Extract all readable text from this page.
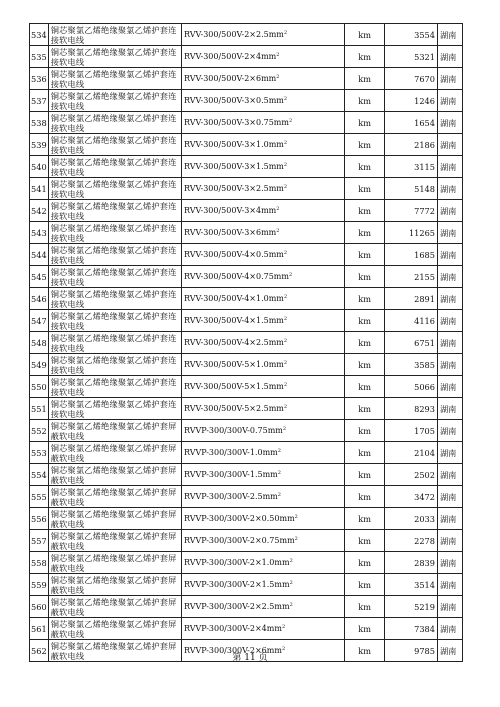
534	铜芯聚氯乙烯绝缘聚氯乙烯护套连接软电线	RVV-$300/500V-2\times 2.5mm^2$	km	3554	湖南
535	铜芯聚氯乙烯绝缘聚氯乙烯护套连接软电线	RVV-$300/500V-2\times 4mm^2$	km	5321	湖南
536	铜芯聚氯乙烯绝缘聚氯乙烯护套连接软电线	RVV-$300/500V-2\times 6mm^2$	km	7670	湖南
537	铜芯聚氯乙烯绝缘聚氯乙烯护套连接软电线	RVV-$300/500V-3\times 0.5mm^2$	km	1246	湖南
538	铜芯聚氯乙烯绝缘聚氯乙烯护套连接软电线	RVV-$300/500V-3\times 0.75mm^2$	km	1654	湖南
539	铜芯聚氯乙烯绝缘聚氯乙烯护套连接软电线	RVV-$300/500V-3\times 1.0mm^2$	km	2186	湖南
540	铜芯聚氯乙烯绝缘聚氯乙烯护套连接软电线	RVV-$300/500V-3\times 1.5mm^2$	km	3115	湖南
541	铜芯聚氯乙烯绝缘聚氯乙烯护套连接软电线	RVV-$300/500V-3\times 2.5mm^2$	km	5148	湖南
542	铜芯聚氯乙烯绝缘聚氯乙烯护套连接软电线	RVV-$300/500V-3\times 4mm^2$	km	7772	湖南
543	铜芯聚氯乙烯绝缘聚氯乙烯护套连接软电线	RVV-$300/500V-3\times 6mm^2$	km	11265	湖南
544	铜芯聚氯乙烯绝缘聚氯乙烯护套连接软电线	RVV-$300/500V-4\times 0.5mm^2$	km	1685	湖南
545	铜芯聚氯乙烯绝缘聚氯乙烯护套连接软电线	RVV-$300/500V-4\times 0.75mm^2$	km	2155	湖南
546	铜芯聚氯乙烯绝缘聚氯乙烯护套连接软电线	RVV-$300/500V-4\times 1.0mm^2$	km	2891	湖南
547	铜芯聚氯乙烯绝缘聚氯乙烯护套连接软电线	RVV-$300/500V-4\times 1.5mm^2$	km	4116	湖南
548	铜芯聚氯乙烯绝缘聚氯乙烯护套连接软电线	RVV-$300/500V-4\times 2.5mm^2$	km	6751	湖南
549	铜芯聚氯乙烯绝缘聚氯乙烯护套连接软电线	RVV-$300/500V-5\times 1.0mm^2$	km	3585	湖南
550	铜芯聚氯乙烯绝缘聚氯乙烯护套连接软电线	RVV-$300/500V-5\times 1.5mm^2$	km	5066	湖南
551	铜芯聚氯乙烯绝缘聚氯乙烯护套连接软电线	RVV-$300/500V-5\times 2.5mm^2$	km	8293	湖南
552	铜芯聚氯乙烯绝缘聚氯乙烯护套屏蔽软电线	RVVP-$300/300V-0.75mm^2$	km	1705	湖南
553	铜芯聚氯乙烯绝缘聚氯乙烯护套屏蔽软电线	RVVP-$300/300V-1.0mm^2$	km	2104	湖南
554	铜芯聚氯乙烯绝缘聚氯乙烯护套屏蔽软电线	RVVP-$300/300V-1.5mm^2$	km	2502	湖南
555	铜芯聚氯乙烯绝缘聚氯乙烯护套屏蔽软电线	RVVP-$300/300V-2.5mm^2$	km	3472	湖南
556	铜芯聚氯乙烯绝缘聚氯乙烯护套屏蔽软电线	RVVP-$300/300V-2\times 0.50mm^2$	km	2033	湖南
557	铜芯聚氯乙烯绝缘聚氯乙烯护套屏蔽软电线	RVVP-$300/300V-2\times 0.75mm^2$	km	2278	湖南
558	铜芯聚氯乙烯绝缘聚氯乙烯护套屏蔽软电线	RVVP-$300/300V-2\times 1.0mm^2$	km	2839	湖南
559	铜芯聚氯乙烯绝缘聚氯乙烯护套屏蔽软电线	RVVP-$300/300V-2\times 1.5mm^2$	km	3514	湖南
560	铜芯聚氯乙烯绝缘聚氯乙烯护套屏蔽软电线	RVVP-$300/300V-2\times 2.5mm^2$	km	5219	湖南
561	铜芯聚氯乙烯绝缘聚氯乙烯护套屏蔽软电线	RVVP-$300/300V-2\times 4mm^2$	km	7384	湖南
562	铜芯聚氯乙烯绝缘聚氯乙烯护套屏蔽软电线	RVVP-$300/300V-2\times 6mm^2$	km	9785	湖南
第 11 页
